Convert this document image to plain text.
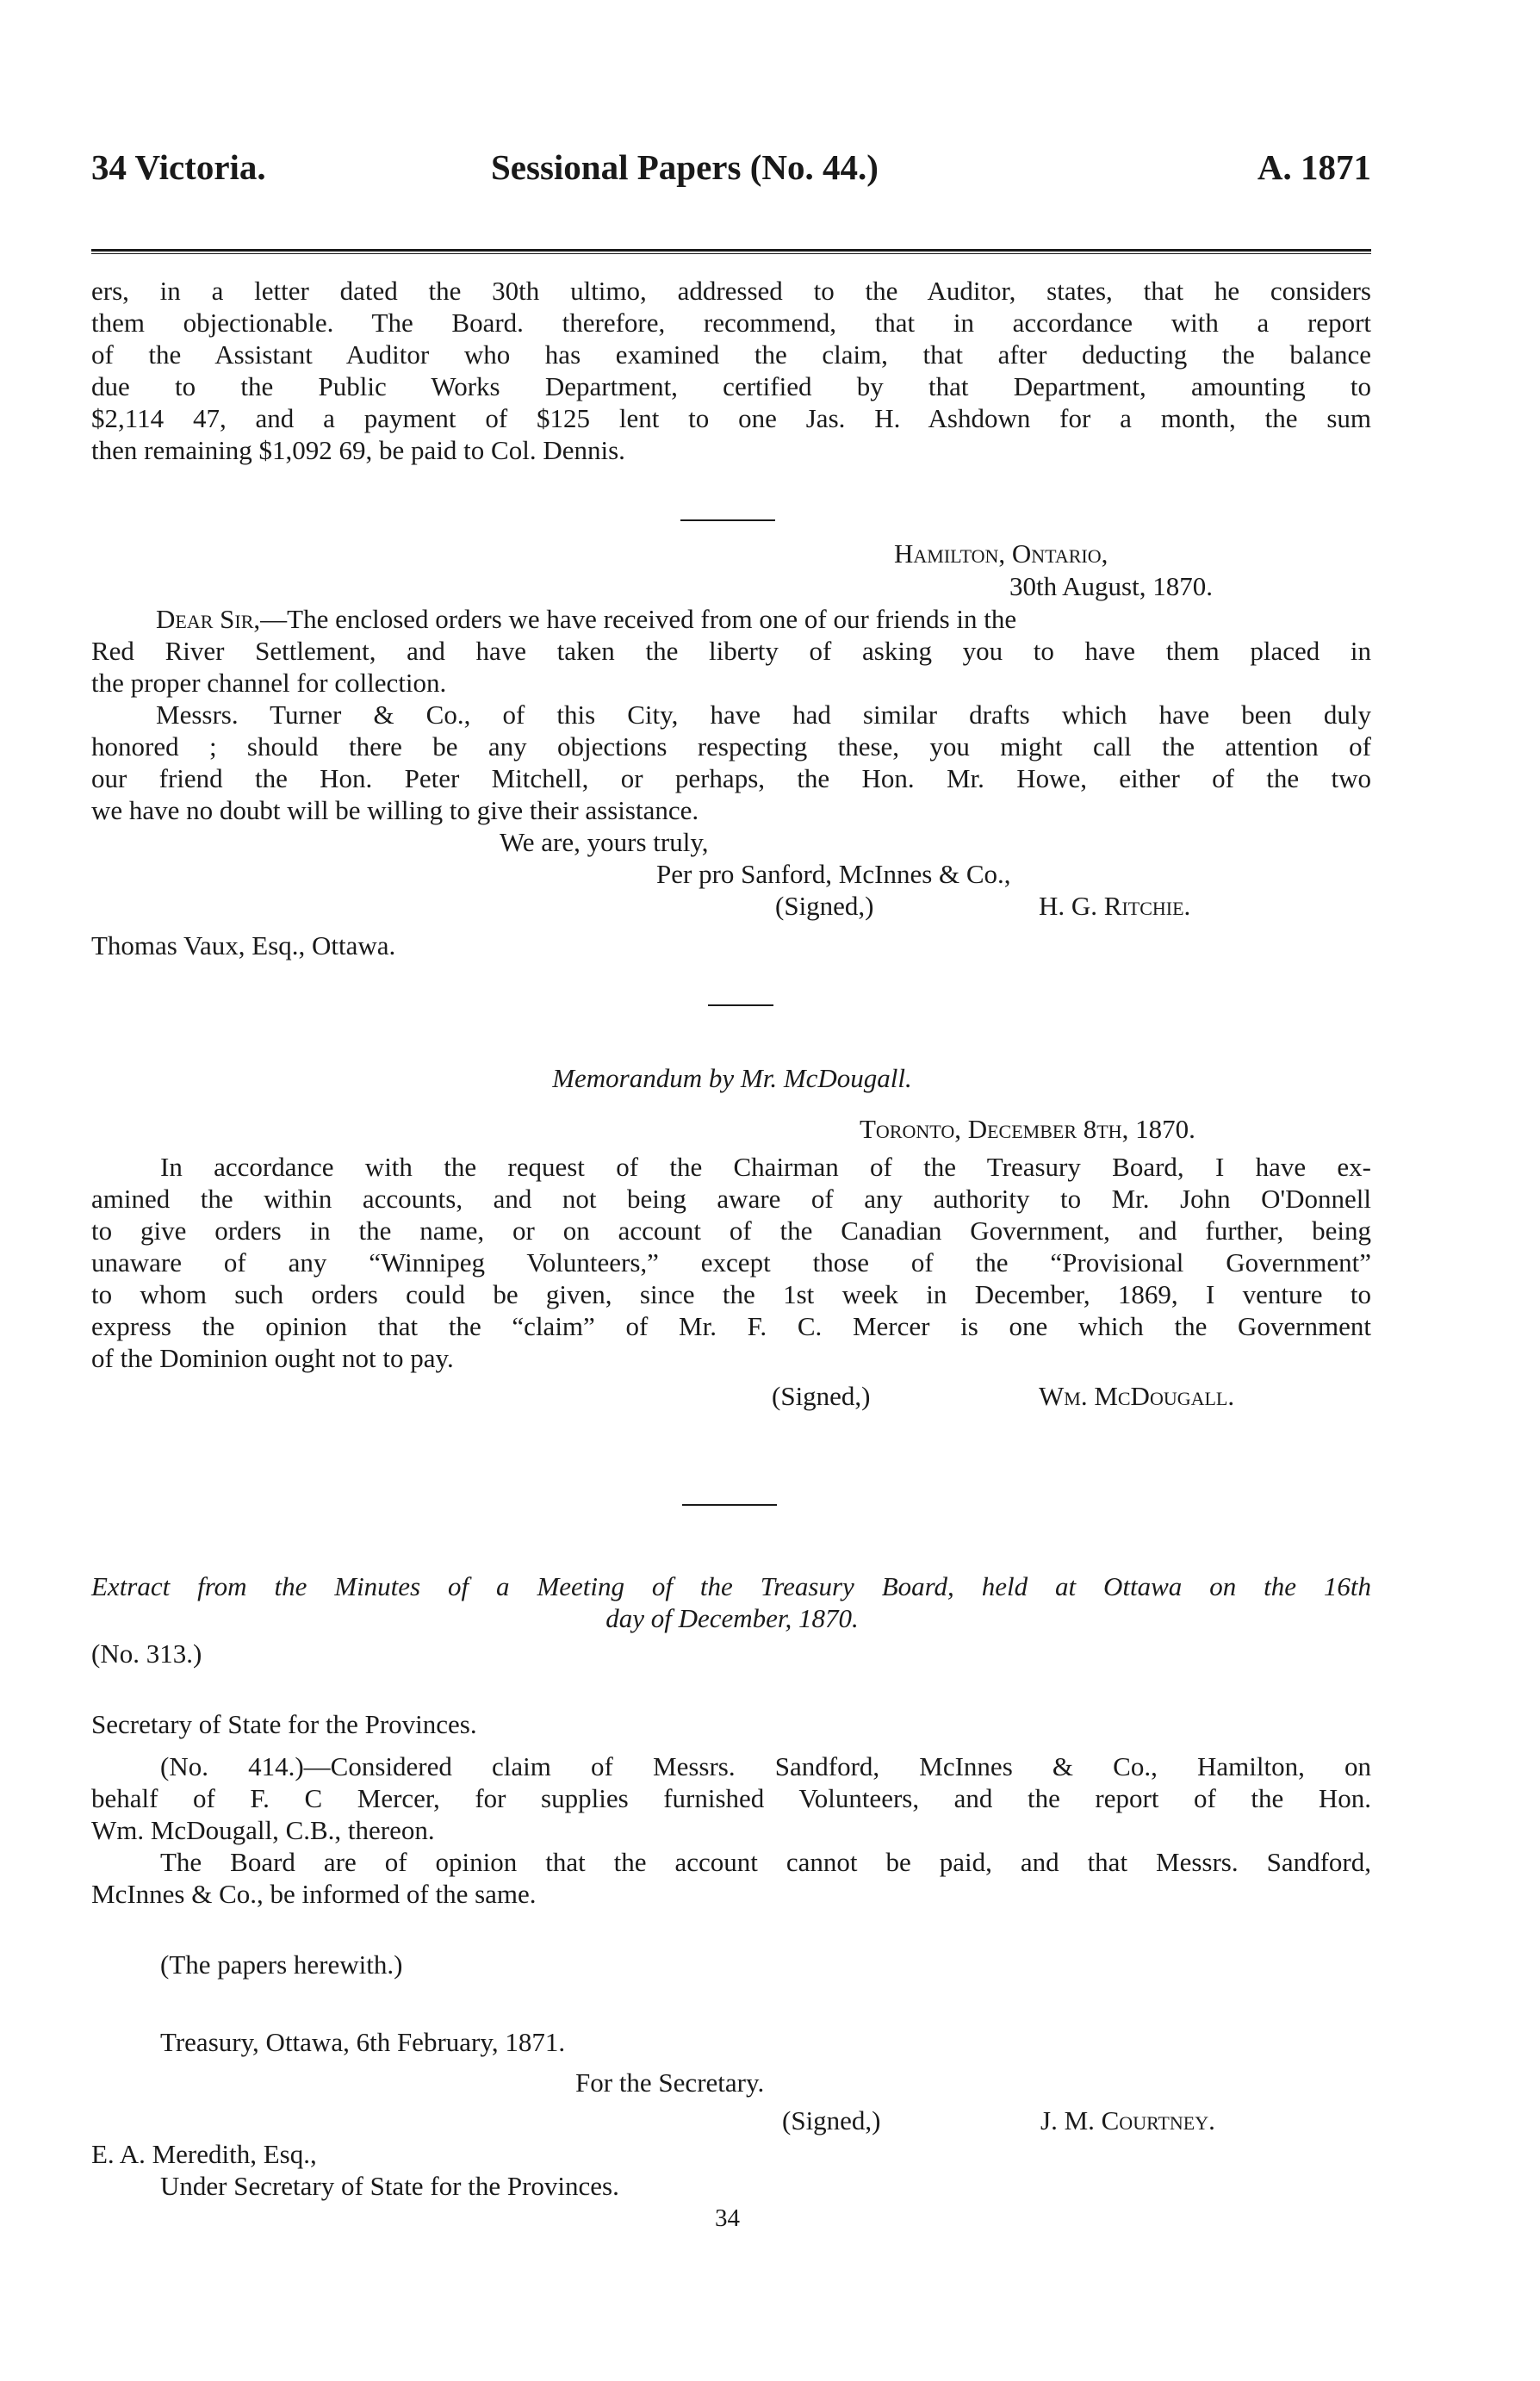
34 Victoria.	Sessional Papers (No. 44.)	A. 1871
ers, in a letter dated the 30th ultimo, addressed to the Auditor, states, that he considers
them objectionable. The Board. therefore, recommend, that in accordance with a report
of the Assistant Auditor who has examined the claim, that after deducting the balance
due to the Public Works Department, certified by that Department, amounting to
$2,114 47, and a payment of $125 lent to one Jas. H. Ashdown for a month, the sum
then remaining $1,092 69, be paid to Col. Dennis.
Hamilton, Ontario,
30th August, 1870.
Dear Sir,—The enclosed orders we have received from one of our friends in the
Red River Settlement, and have taken the liberty of asking you to have them placed in
the proper channel for collection.
Messrs. Turner & Co., of this City, have had similar drafts which have been duly
honored ; should there be any objections respecting these, you might call the attention of
our friend the Hon. Peter Mitchell, or perhaps, the Hon. Mr. Howe, either of the two
we have no doubt will be willing to give their assistance.
We are, yours truly,
Per pro Sanford, McInnes & Co.,
(Signed,)	H. G. Ritchie.
Thomas Vaux, Esq., Ottawa.
Memorandum by Mr. McDougall.
Toronto, December 8th, 1870.
In accordance with the request of the Chairman of the Treasury Board, I have ex-
amined the within accounts, and not being aware of any authority to Mr. John O'Donnell
to give orders in the name, or on account of the Canadian Government, and further, being
unaware of any “Winnipeg Volunteers,” except those of the “Provisional Government”
to whom such orders could be given, since the 1st week in December, 1869, I venture to
express the opinion that the “claim” of Mr. F. C. Mercer is one which the Government
of the Dominion ought not to pay.
(Signed,)	Wm. McDougall.
Extract from the Minutes of a Meeting of the Treasury Board, held at Ottawa on the 16th
day of December, 1870.
(No. 313.)
Secretary of State for the Provinces.
(No. 414.)—Considered claim of Messrs. Sandford, McInnes & Co., Hamilton, on
behalf of F. C Mercer, for supplies furnished Volunteers, and the report of the Hon.
Wm. McDougall, C.B., thereon.
The Board are of opinion that the account cannot be paid, and that Messrs. Sandford,
McInnes & Co., be informed of the same.
(The papers herewith.)
Treasury, Ottawa, 6th February, 1871.
For the Secretary.
(Signed,)	J. M. Courtney.
E. A. Meredith, Esq.,
Under Secretary of State for the Provinces.
34
